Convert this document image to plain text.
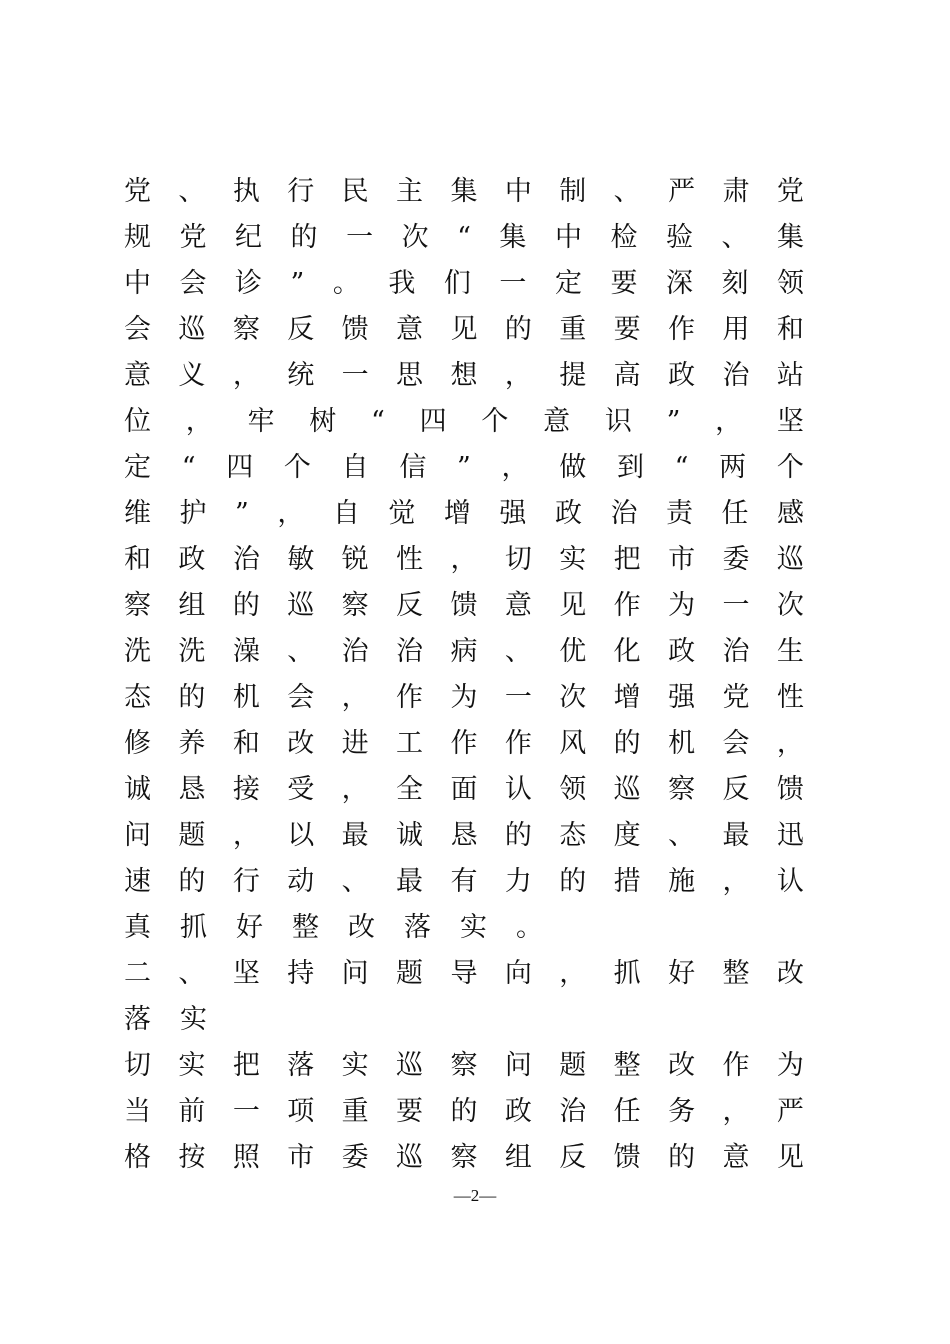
党 、 执 行 民 主 集 中 制 、 严 肃 党
规 党 纪 的 一 次 “ 集 中 检 验 、 集
中 会 诊 ” 。 我 们 一 定 要 深 刻 领
会 巡 察 反 馈 意 见 的 重 要 作 用 和
意 义 ， 统 一 思 想 ， 提 高 政 治 站
位 ， 牢 树 “ 四 个 意 识 ” ， 坚
定 “ 四 个 自 信 ” ， 做 到 “ 两 个
维 护 ” ， 自 觉 增 强 政 治 责 任 感
和 政 治 敏 锐 性 ， 切 实 把 市 委 巡
察 组 的 巡 察 反 馈 意 见 作 为 一 次
洗 洗 澡 、 治 治 病 、 优 化 政 治 生
态 的 机 会 ， 作 为 一 次 增 强 党 性
修 养 和 改 进 工 作 作 风 的 机 会 ，
诚 恳 接 受 ， 全 面 认 领 巡 察 反 馈
问 题 ， 以 最 诚 恳 的 态 度 、 最 迅
速 的 行 动 、 最 有 力 的 措 施 ， 认
真	抓	好	整	改	落	实	。
二 、 坚 持 问 题 导 向 ， 抓 好 整 改
落	实
切 实 把 落 实 巡 察 问 题 整 改 作 为
当 前 一 项 重 要 的 政 治 任 务 ， 严
格 按 照 市 委 巡 察 组 反 馈 的 意 见
—2—
